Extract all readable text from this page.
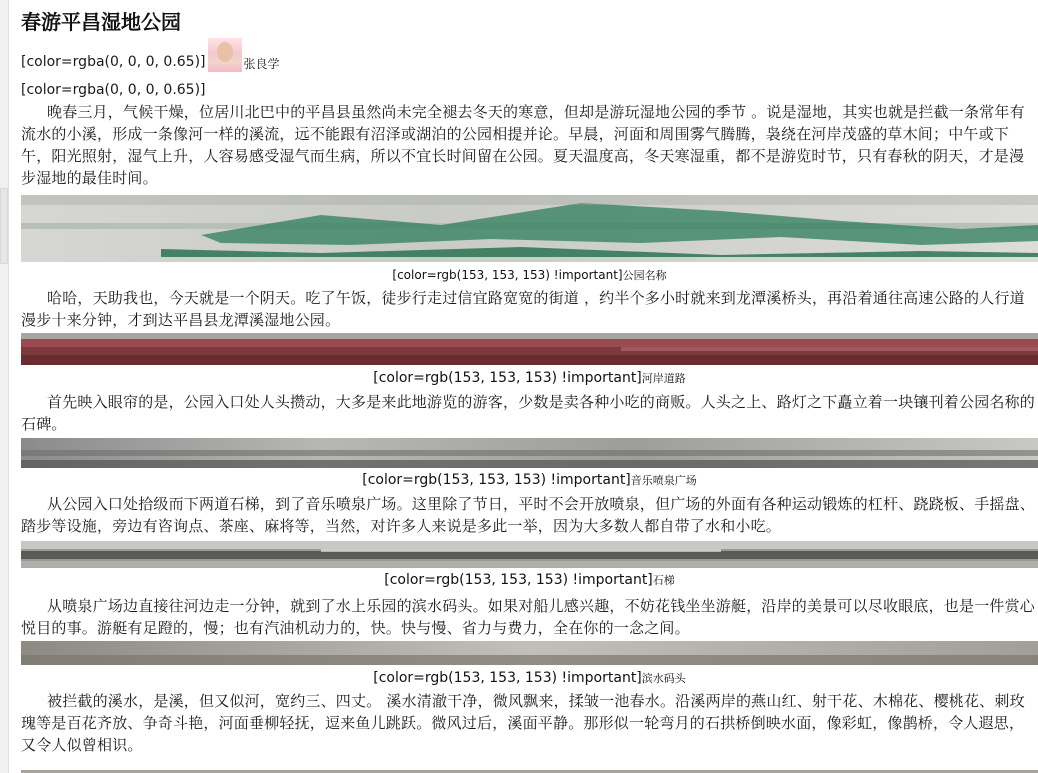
春游平昌湿地公园
[color=rgba(0, 0, 0, 0.65)]	张良学
[color=rgba(0, 0, 0, 0.65)]

晚春三月，气候干燥，位居川北巴中的平昌县虽然尚未完全褪去冬天的寒意，但却是游玩湿地公园的季节 。说是湿地，其实也就是拦截一条常年有流水的小溪，形成一条像河一样的溪流，远不能跟有沼泽或湖泊的公园相提并论。早晨，河面和周围雾气腾腾，袅绕在河岸茂盛的草木间；中午或下午，阳光照射，湿气上升，人容易感受湿气而生病，所以不宜长时间留在公园。夏天温度高，冬天寒湿重，都不是游览时节，只有春秋的阴天，才是漫步湿地的最佳时间。

[color=rgb(153, 153, 153) !important]公园名称

哈哈，天助我也，今天就是一个阴天。吃了午饭，徒步行走过信宜路宽宽的街道 ，约半个多小时就来到龙潭溪桥头，再沿着通往高速公路的人行道漫步十来分钟，才到达平昌县龙潭溪湿地公园。

[color=rgb(153, 153, 153) !important]河岸道路

首先映入眼帘的是，公园入口处人头攒动，大多是来此地游览的游客，少数是卖各种小吃的商贩。人头之上、路灯之下矗立着一块镶刊着公园名称的石碑。

[color=rgb(153, 153, 153) !important]音乐喷泉广场

从公园入口处拾级而下两道石梯，到了音乐喷泉广场。这里除了节日，平时不会开放喷泉，但广场的外面有各种运动锻炼的杠杆、跷跷板、手摇盘、踏步等设施，旁边有咨询点、茶座、麻将等，当然，对许多人来说是多此一举，因为大多数人都自带了水和小吃。

[color=rgb(153, 153, 153) !important]石梯

从喷泉广场边直接往河边走一分钟，就到了水上乐园的滨水码头。如果对船儿感兴趣，不妨花钱坐坐游艇，沿岸的美景可以尽收眼底，也是一件赏心悦目的事。游艇有足蹬的，慢；也有汽油机动力的，快。快与慢、省力与费力，全在你的一念之间。

[color=rgb(153, 153, 153) !important]滨水码头

被拦截的溪水，是溪，但又似河，宽约三、四丈。 溪水清澈干净，微风飘来，揉皱一池春水。沿溪两岸的燕山红、射干花、木棉花、樱桃花、刺玫瑰等是百花齐放、争奇斗艳，河面垂柳轻抚，逗来鱼儿跳跃。微风过后，溪面平静。那形似一轮弯月的石拱桥倒映水面，像彩虹，像鹊桥，令人遐思，又令人似曾相识。
